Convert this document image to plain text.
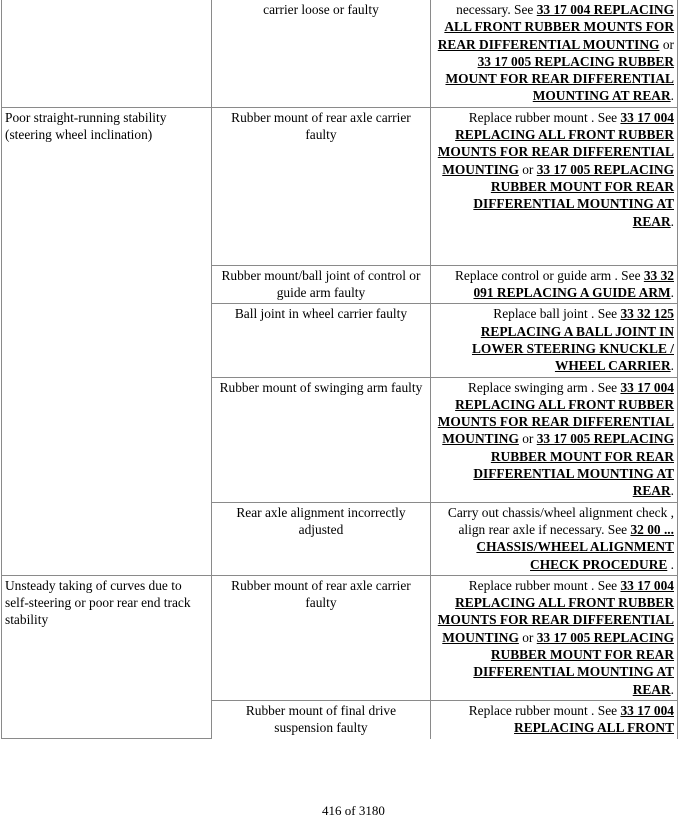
	carrier loose or faulty	necessary. See 33 17 004 REPLACING ALL FRONT RUBBER MOUNTS FOR REAR DIFFERENTIAL MOUNTING or 33 17 005 REPLACING RUBBER MOUNT FOR REAR DIFFERENTIAL MOUNTING AT REAR.
Poor straight-running stability (steering wheel inclination)	Rubber mount of rear axle carrier faulty	Replace rubber mount . See 33 17 004 REPLACING ALL FRONT RUBBER MOUNTS FOR REAR DIFFERENTIAL MOUNTING or 33 17 005 REPLACING RUBBER MOUNT FOR REAR DIFFERENTIAL MOUNTING AT REAR.
	Rubber mount/ball joint of control or guide arm faulty	Replace control or guide arm . See 33 32 091 REPLACING A GUIDE ARM.
	Ball joint in wheel carrier faulty	Replace ball joint . See 33 32 125 REPLACING A BALL JOINT IN LOWER STEERING KNUCKLE / WHEEL CARRIER.
	Rubber mount of swinging arm faulty	Replace swinging arm . See 33 17 004 REPLACING ALL FRONT RUBBER MOUNTS FOR REAR DIFFERENTIAL MOUNTING or 33 17 005 REPLACING RUBBER MOUNT FOR REAR DIFFERENTIAL MOUNTING AT REAR.
	Rear axle alignment incorrectly adjusted	Carry out chassis/wheel alignment check , align rear axle if necessary. See 32 00 ... CHASSIS/WHEEL ALIGNMENT CHECK PROCEDURE .
Unsteady taking of curves due to self-steering or poor rear end track stability	Rubber mount of rear axle carrier faulty	Replace rubber mount . See 33 17 004 REPLACING ALL FRONT RUBBER MOUNTS FOR REAR DIFFERENTIAL MOUNTING or 33 17 005 REPLACING RUBBER MOUNT FOR REAR DIFFERENTIAL MOUNTING AT REAR.
	Rubber mount of final drive suspension faulty	Replace rubber mount . See 33 17 004 REPLACING ALL FRONT
416 of 3180
